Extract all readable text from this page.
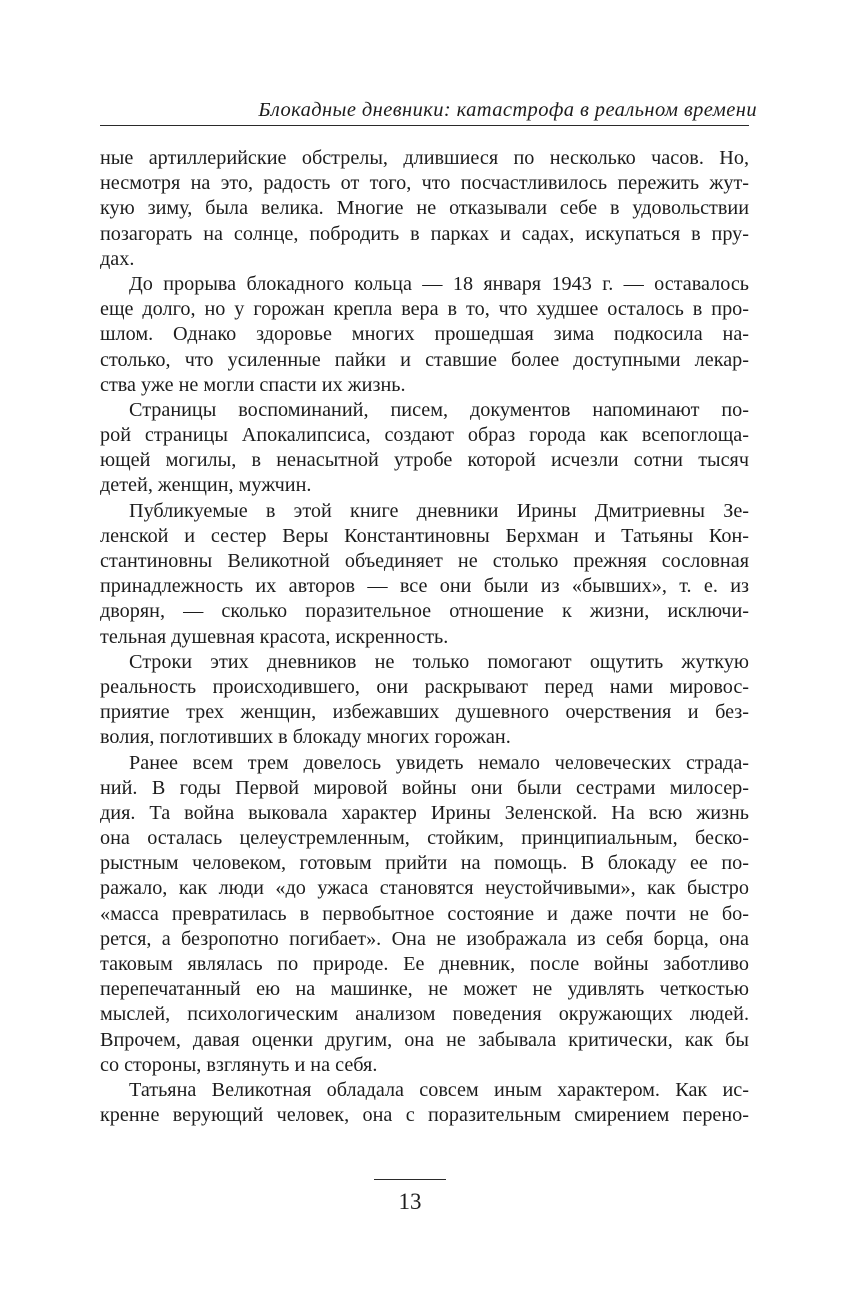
Блокадные дневники: катастрофа в реальном времени
ные артиллерийские обстрелы, длившиеся по несколько часов. Но,
несмотря на это, радость от того, что посчастливилось пережить жут-
кую зиму, была велика. Многие не отказывали себе в удовольствии
позагорать на солнце, побродить в парках и садах, искупаться в пру-
дах.
До прорыва блокадного кольца — 18 января 1943 г. — оставалось
еще долго, но у горожан крепла вера в то, что худшее осталось в про-
шлом. Однако здоровье многих прошедшая зима подкосила на-
столько, что усиленные пайки и ставшие более доступными лекар-
ства уже не могли спасти их жизнь.
Страницы воспоминаний, писем, документов напоминают по-
рой страницы Апокалипсиса, создают образ города как всепоглоща-
ющей могилы, в ненасытной утробе которой исчезли сотни тысяч
детей, женщин, мужчин.
Публикуемые в этой книге дневники Ирины Дмитриевны Зе-
ленской и сестер Веры Константиновны Берхман и Татьяны Кон-
стантиновны Великотной объединяет не столько прежняя сословная
принадлежность их авторов — все они были из «бывших», т. е. из
дворян, — сколько поразительное отношение к жизни, исключи-
тельная душевная красота, искренность.
Строки этих дневников не только помогают ощутить жуткую
реальность происходившего, они раскрывают перед нами мировос-
приятие трех женщин, избежавших душевного очерствения и без-
волия, поглотивших в блокаду многих горожан.
Ранее всем трем довелось увидеть немало человеческих страда-
ний. В годы Первой мировой войны они были сестрами милосер-
дия. Та война выковала характер Ирины Зеленской. На всю жизнь
она осталась целеустремленным, стойким, принципиальным, беско-
рыстным человеком, готовым прийти на помощь. В блокаду ее по-
ражало, как люди «до ужаса становятся неустойчивыми», как быстро
«масса превратилась в первобытное состояние и даже почти не бо-
рется, а безропотно погибает». Она не изображала из себя борца, она
таковым являлась по природе. Ее дневник, после войны заботливо
перепечатанный ею на машинке, не может не удивлять четкостью
мыслей, психологическим анализом поведения окружающих людей.
Впрочем, давая оценки другим, она не забывала критически, как бы
со стороны, взглянуть и на себя.
Татьяна Великотная обладала совсем иным характером. Как ис-
кренне верующий человек, она с поразительным смирением перено-
13
